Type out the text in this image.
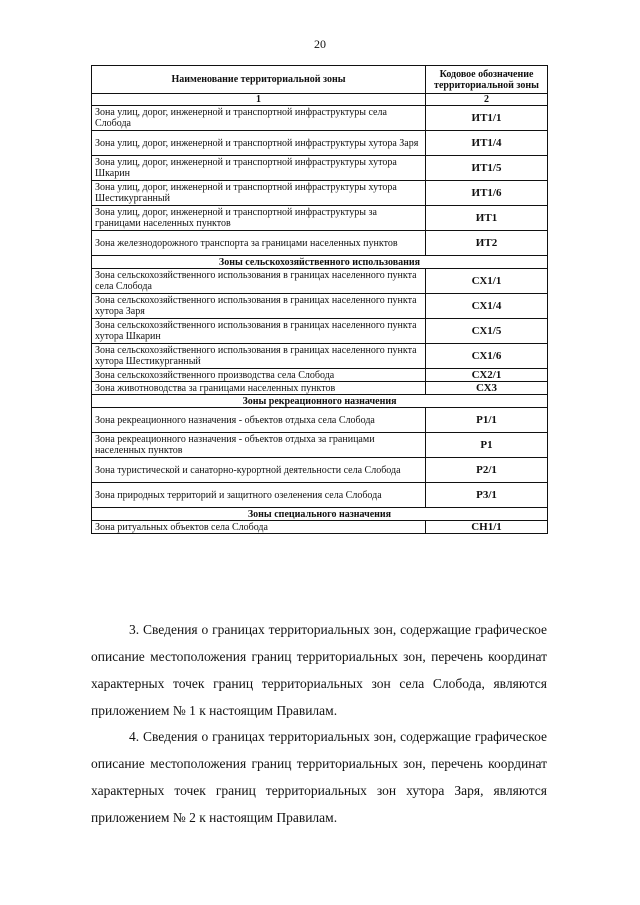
20
Наименование территориальной зоны	Кодовое обозначение территориальной зоны
1	2
Зона улиц, дорог, инженерной и транспортной инфраструктуры села Слобода	ИТ1/1
Зона улиц, дорог, инженерной и транспортной инфраструктуры хутора Заря	ИТ1/4
Зона улиц, дорог, инженерной и транспортной инфраструктуры хутора Шкарин	ИТ1/5
Зона улиц, дорог, инженерной и транспортной инфраструктуры хутора Шестикурганный	ИТ1/6
Зона улиц, дорог, инженерной и транспортной инфраструктуры за границами населенных пунктов	ИТ1
Зона железнодорожного транспорта за границами населенных пунктов	ИТ2
Зоны сельскохозяйственного использования	
Зона сельскохозяйственного использования в границах населенного пункта села Слобода	СХ1/1
Зона сельскохозяйственного использования в границах населенного пункта хутора Заря	СХ1/4
Зона сельскохозяйственного использования в границах населенного пункта хутора Шкарин	СХ1/5
Зона сельскохозяйственного использования в границах населенного пункта хутора Шестикурганный	СХ1/6
Зона сельскохозяйственного производства села Слобода	СХ2/1
Зона животноводства за границами населенных пунктов	СХ3
Зоны рекреационного назначения	
Зона рекреационного назначения - объектов отдыха села Слобода	Р1/1
Зона рекреационного назначения - объектов отдыха за границами населенных пунктов	Р1
Зона туристической и санаторно-курортной деятельности села Слобода	Р2/1
Зона природных территорий и защитного озеленения села Слобода	Р3/1
Зоны специального назначения	
Зона ритуальных объектов села Слобода	СН1/1

3. Сведения о границах территориальных зон, содержащие графическое описание местоположения границ территориальных зон, перечень координат характерных точек границ территориальных зон села Слобода, являются приложением № 1 к настоящим Правилам.

4. Сведения о границах территориальных зон, содержащие графическое описание местоположения границ территориальных зон, перечень координат характерных точек границ территориальных зон хутора Заря, являются приложением № 2 к настоящим Правилам.
